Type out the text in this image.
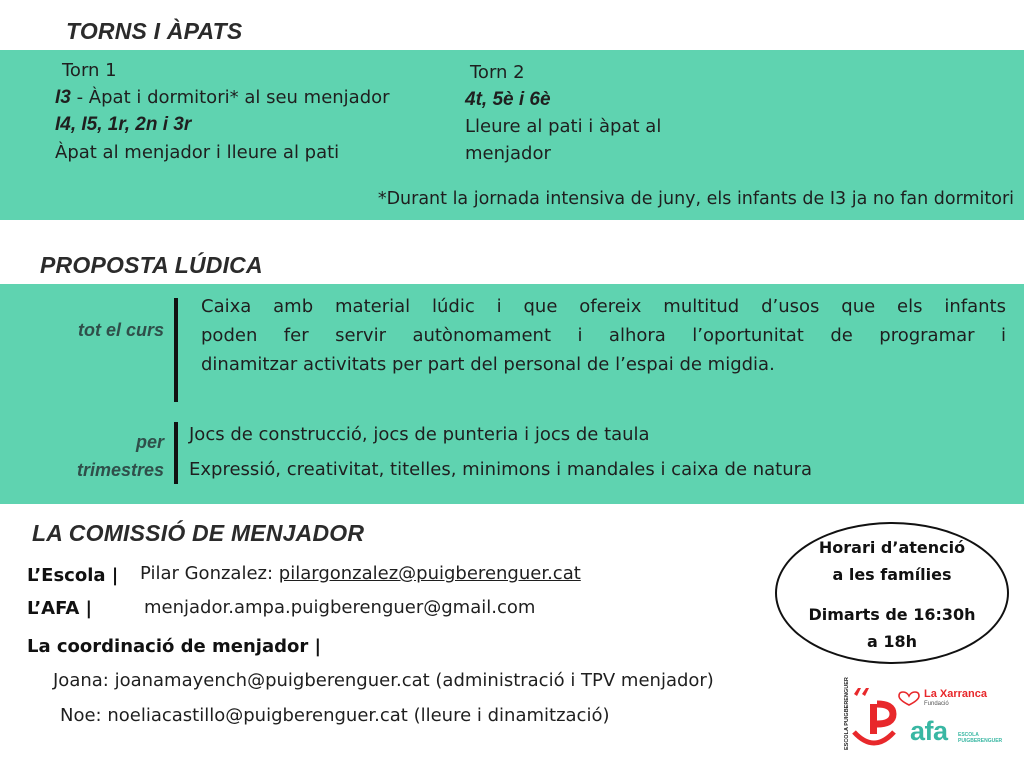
TORNS I ÀPATS
Torn 1
I3 - Àpat i dormitori* al seu menjador
I4, I5, 1r, 2n i 3r
Àpat al menjador i lleure al pati
Torn 2
4t, 5è i 6è
Lleure al pati i àpat al
menjador
*Durant la jornada intensiva de juny, els infants de I3 ja no fan dormitori
PROPOSTA LÚDICA
tot el curs
Caixa amb material lúdic i que ofereix multitud d’usos que els infants
poden fer servir autònomament i alhora l’oportunitat de programar i
dinamitzar activitats per part del personal de l’espai de migdia.
per
trimestres
Jocs de construcció, jocs de punteria i jocs de taula
Expressió, creativitat, titelles, minimons i mandales i caixa de natura
LA COMISSIÓ DE MENJADOR
L’Escola | Pilar Gonzalez: pilargonzalez@puigberenguer.cat
L’AFA |	menjador.ampa.puigberenguer@gmail.com
La coordinació de menjador |
Joana: joanamayench@puigberenguer.cat (administració i TPV menjador)
Noe: noeliacastillo@puigberenguer.cat (lleure i dinamització)
Horari d’atenció
a les famílies
Dimarts de 16:30h
a 18h
ESCOLA PUIGBERENGUER	La Xarranca
Fundació
afa ESCOLA PUIGBERENGUER
